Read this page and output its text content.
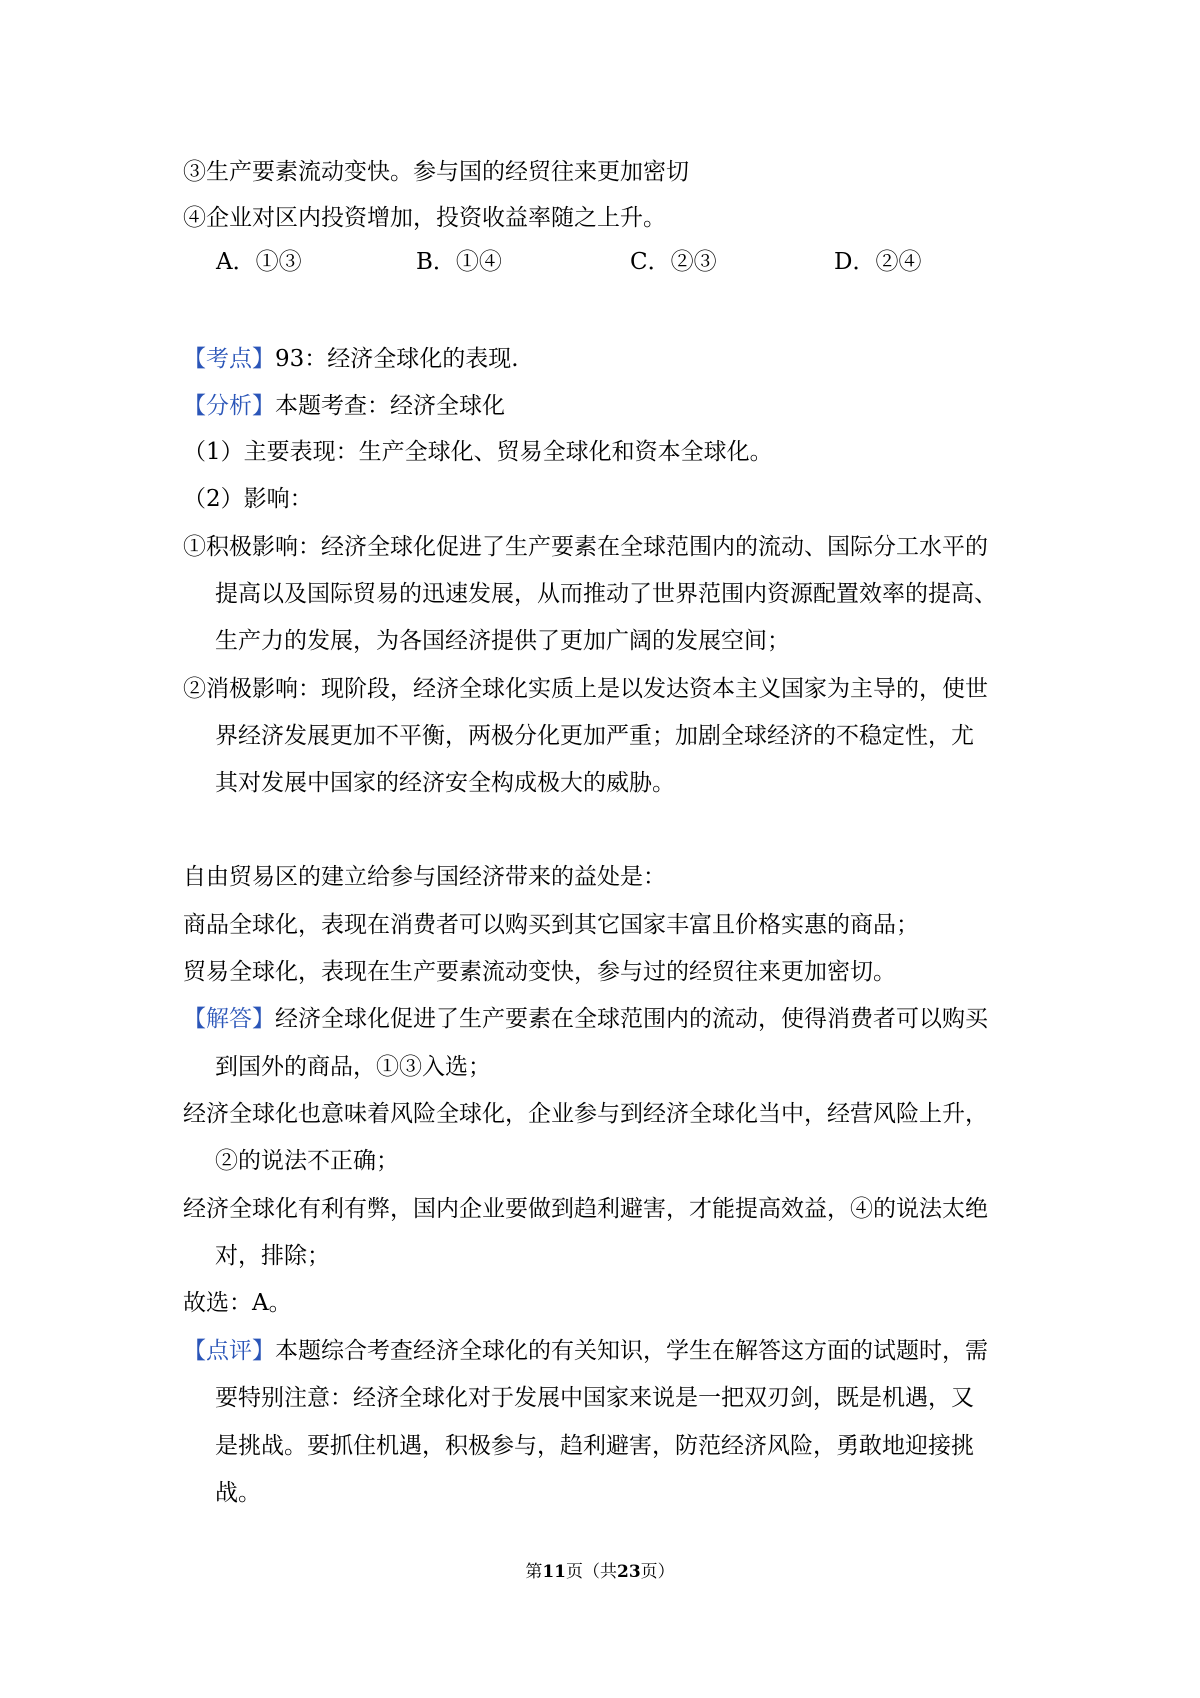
③生产要素流动变快。参与国的经贸往来更加密切
④企业对区内投资增加，投资收益率随之上升。
A．①③	B．①④	C．②③	D．②④
【考点】93：经济全球化的表现.
【分析】本题考查：经济全球化
（1）主要表现：生产全球化、贸易全球化和资本全球化。
（2）影响：
①积极影响：经济全球化促进了生产要素在全球范围内的流动、国际分工水平的
提高以及国际贸易的迅速发展，从而推动了世界范围内资源配置效率的提高、
生产力的发展，为各国经济提供了更加广阔的发展空间；
②消极影响：现阶段，经济全球化实质上是以发达资本主义国家为主导的，使世
界经济发展更加不平衡，两极分化更加严重；加剧全球经济的不稳定性，尤
其对发展中国家的经济安全构成极大的威胁。
自由贸易区的建立给参与国经济带来的益处是：
商品全球化，表现在消费者可以购买到其它国家丰富且价格实惠的商品；
贸易全球化，表现在生产要素流动变快，参与过的经贸往来更加密切。
【解答】经济全球化促进了生产要素在全球范围内的流动，使得消费者可以购买
到国外的商品，①③入选；
经济全球化也意味着风险全球化，企业参与到经济全球化当中，经营风险上升，
②的说法不正确；
经济全球化有利有弊，国内企业要做到趋利避害，才能提高效益，④的说法太绝
对，排除；
故选：A。
【点评】本题综合考查经济全球化的有关知识，学生在解答这方面的试题时，需
要特别注意：经济全球化对于发展中国家来说是一把双刃剑，既是机遇，又
是挑战。要抓住机遇，积极参与，趋利避害，防范经济风险，勇敢地迎接挑
战。
第11页（共23页）
